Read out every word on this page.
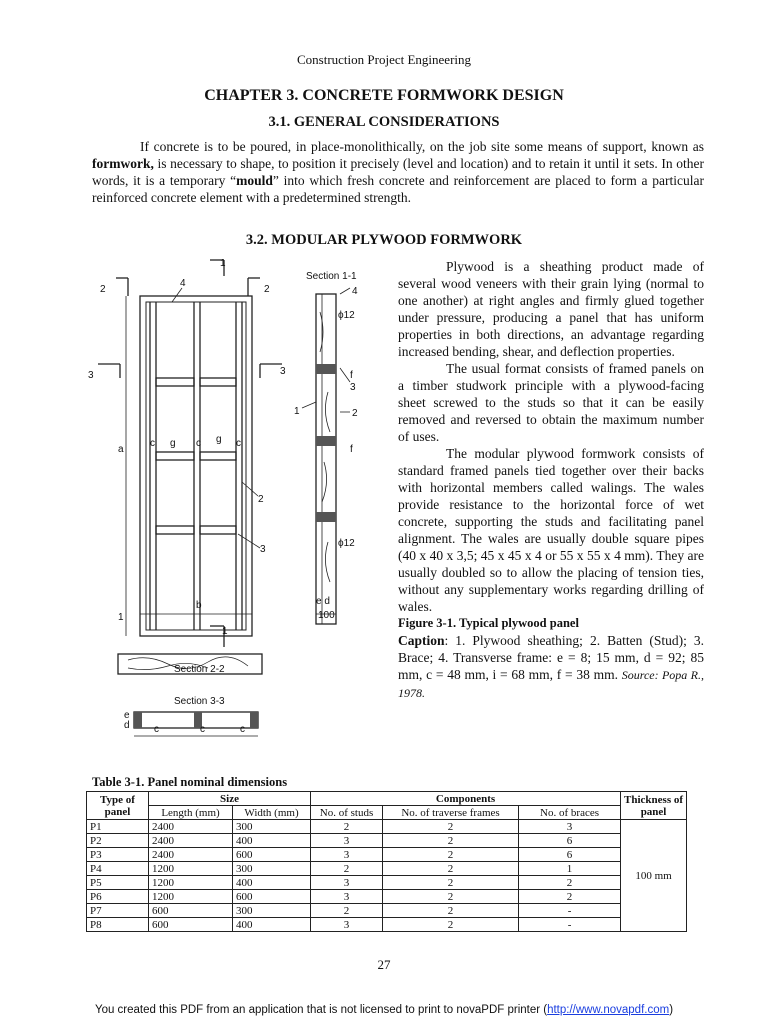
Construction Project Engineering
CHAPTER 3. CONCRETE FORMWORK DESIGN
3.1. GENERAL CONSIDERATIONS

If concrete is to be poured, in place-monolithically, on the job site some means of support, known as formwork, is necessary to shape, to position it precisely (level and location) and to retain it until it sets. In other words, it is a temporary “mould” into which fresh concrete and reinforcement are placed to form a particular reinforced concrete element with a predetermined strength.

3.2. MODULAR PLYWOOD FORMWORK
Section 1-1
Section 2-2
Section 3-3
1
1
1
2	2
2
2
3	3
3
3
4
4
1
a
b
c g c g c
ϕ12
ϕ12
f
f
e d
100
e
d c	c	c

Plywood is a sheathing product made of several wood veneers with their grain lying (normal to one another) at right angles and firmly glued together under pressure, producing a panel that has uniform properties in both directions, an advantage regarding increased bending, shear, and deflection properties.

The usual format consists of framed panels on a timber studwork principle with a plywood-facing sheet screwed to the studs so that it can be easily removed and reversed to obtain the maximum number of uses.

The modular plywood formwork consists of standard framed panels tied together over their backs with horizontal members called walings. The wales provide resistance to the horizontal force of wet concrete, supporting the studs and facilitating panel alignment. The wales are usually double square pipes (40 x 40 x 3,5; 45 x 45 x 4 or 55 x 55 x 4 mm). They are usually doubled so to allow the placing of tension ties, without any supplementary works regarding drilling of wales.

Figure 3-1. Typical plywood panel
Caption: 1. Plywood sheathing; 2. Batten (Stud); 3. Brace; 4. Transverse frame: e = 8; 15 mm, d = 92; 85 mm, c = 48 mm, i = 68 mm, f = 38 mm. Source: Popa R., 1978.
Table 3-1. Panel nominal dimensions
Type of panel	Size		Components			Thickness of panel
	Length (mm)	Width (mm)	No. of studs	No. of traverse frames	No. of braces	
P1	2400	300	2	2	3	100 mm
P2	2400	400	3	2	6	
P3	2400	600	3	2	6	
P4	1200	300	2	2	1	
P5	1200	400	3	2	2	
P6	1200	600	3	2	2	
P7	600	300	2	2	-	
P8	600	400	3	2	-	
27
You created this PDF from an application that is not licensed to print to novaPDF printer (http://www.novapdf.com)
